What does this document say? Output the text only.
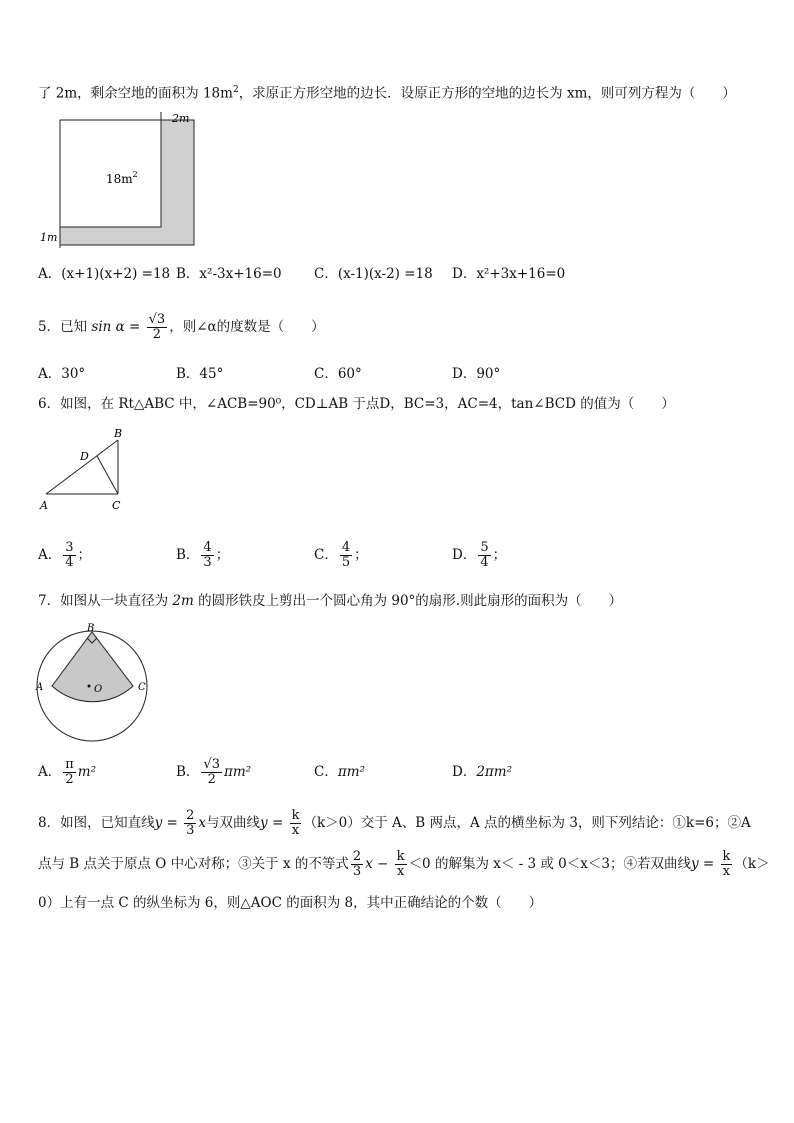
了 2m，剩余空地的面积为 $18m^2$，求原正方形空地的边长．设原正方形的空地的边长为 xm，则可列方程为（　　）
2m
1m
$18m^2$
A．(x+1)(x+2) =18 B．x²-3x+16=0 C．(x-1)(x-2) =18 D．x²+3x+16=0
5．已知 $\sin \alpha = \frac{√3}{2}$ ，则∠α的度数是（　　）
A．30°	B．45°	C．60°	D．90°
6．如图，在 Rt△ABC 中，∠ACB=90⁰，CD⊥AB 于点D，BC=3，AC=4，tan∠BCD 的值为（　　）
A
B
C
D
A． $\frac{3}{4}$ ；	B． $\frac{4}{3}$ ；	C． $\frac{4}{5}$ ；	D． $\frac{5}{4}$ ；
7．如图从一块直径为 2m 的圆形铁皮上剪出一个圆心角为 90°的扇形.则此扇形的面积为（　　）
B
A	C
O
A． $\frac{\pi}{2} m^2$	B． $\frac{√3}{2} \pi m^2$	C．πm²	D．2πm²
8．如图，已知直线$y = \frac{2}{3}$ x与双曲线$y = \frac{k}{x} (k>0)$交于 A、B 两点，A 点的横坐标为 3，则下列结论：①k=6；②A
点与 B 点关于原点 O 中心对称；③关于 x 的不等式 $\frac{2}{3}$ $x - \frac{k}{x} <0$ 的解集为 x＜ - 3 或 0＜x＜3；④若双曲线$y = \frac{k}{x} (k>$
0）上有一点 C 的纵坐标为 6，则△AOC 的面积为 8，其中正确结论的个数（　　）
